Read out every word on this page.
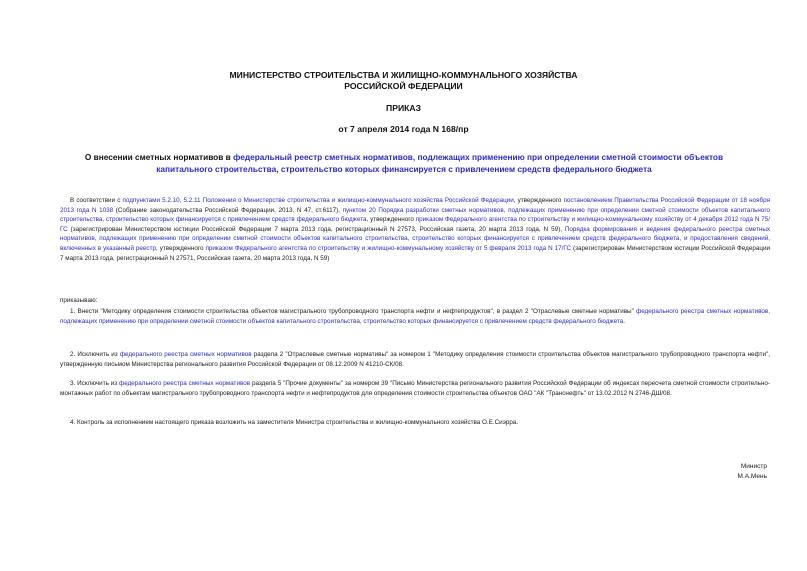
МИНИСТЕРСТВО СТРОИТЕЛЬСТВА И ЖИЛИЩНО-КОММУНАЛЬНОГО ХОЗЯЙСТВА
РОССИЙСКОЙ ФЕДЕРАЦИИ
ПРИКАЗ
от 7 апреля 2014 года N 168/пр
О внесении сметных нормативов в федеральный реестр сметных нормативов, подлежащих применению при определении сметной стоимости объектов капитального строительства, строительство которых финансируется с привлечением средств федерального бюджета

В соответствии с подпунктами 5.2.10, 5.2.11 Положения о Министерстве строительства и жилищно-коммунального хозяйства Российской Федерации, утвержденного постановлением Правительства Российской Федерации от 18 ноября 2013 года N 1038 (Собрание законодательства Российской Федерации, 2013, N 47, ст.6117), пунктом 20 Порядка разработки сметных нормативов, подлежащих применению при определении сметной стоимости объектов капитального строительства, строительство которых финансируется с привлечением средств федерального бюджета, утвержденного приказом Федерального агентства по строительству и жилищно-коммунальному хозяйству от 4 декабря 2012 года N 75/ГС (зарегистрирован Министерством юстиции Российской Федерации 7 марта 2013 года, регистрационный N 27573, Российская газета, 20 марта 2013 года, N 59), Порядка формирования и ведения федерального реестра сметных нормативов, подлежащих применению при определении сметной стоимости объектов капитального строительства, строительство которых финансируется с привлечением средств федерального бюджета, и предоставления сведений, включенных в указанный реестр, утвержденного приказом Федерального агентства по строительству и жилищно-коммунальному хозяйству от 5 февраля 2013 года N 17/ГС (зарегистрирован Министерством юстиции Российской Федерации 7 марта 2013 года, регистрационный N 27571, Российская газета, 20 марта 2013 года, N 59)

приказываю:

1. Внести "Методику определения стоимости строительства объектов магистрального трубопроводного транспорта нефти и нефтепродуктов", в раздел 2 "Отраслевые сметные нормативы" федерального реестра сметных нормативов, подлежащих применению при определении сметной стоимости объектов капитального строительства, строительство которых финансируется с привлечением средств федерального бюджета.

2. Исключить из федерального реестра сметных нормативов раздела 2 "Отраслевые сметные нормативы" за номером 1 "Методику определения стоимости строительства объектов магистрального трубопроводного транспорта нефти", утвержденную письмом Министерства регионального развития Российской Федерации от 08.12.2009 N 41210-СК/08.

3. Исключить из федерального реестра сметных нормативов раздела 5 "Прочие документы" за номером 39 "Письмо Министерства регионального развития Российской Федерации об индексах пересчета сметной стоимости строительно-монтажных работ по объектам магистрального трубопроводного транспорта нефти и нефтепродуктов для определения стоимости строительства объектов ОАО "АК "Транснефть" от 13.02.2012 N 2746-ДШ/08.

4. Контроль за исполнением настоящего приказа возложить на заместителя Министра строительства и жилищно-коммунального хозяйства О.Е.Сиэрра.

Министр
М.А.Мень
